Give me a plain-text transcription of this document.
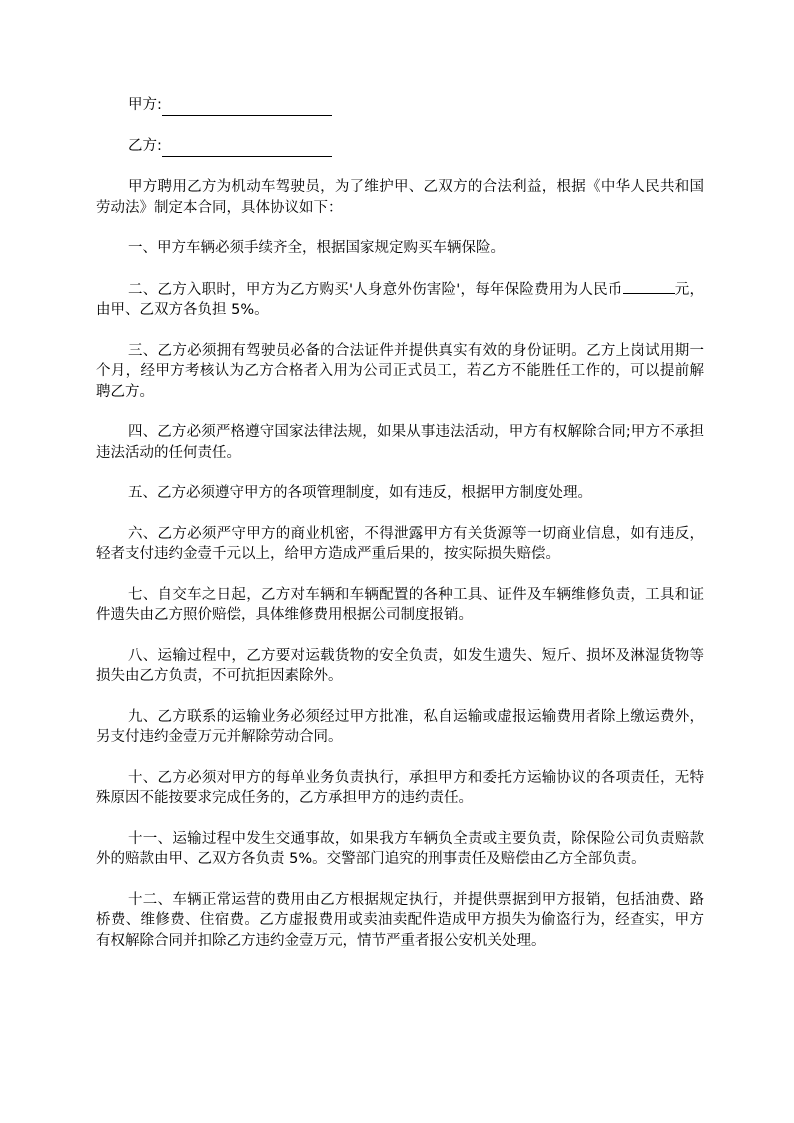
甲方:
乙方:

甲方聘用乙方为机动车驾驶员，为了维护甲、乙双方的合法利益，根据《中华人民共和国劳动法》制定本合同，具体协议如下：

一、甲方车辆必须手续齐全，根据国家规定购买车辆保险。

二、乙方入职时，甲方为乙方购买'人身意外伤害险'，每年保险费用为人民币	元，由甲、乙双方各负担 5%。

三、乙方必须拥有驾驶员必备的合法证件并提供真实有效的身份证明。乙方上岗试用期一个月，经甲方考核认为乙方合格者入用为公司正式员工，若乙方不能胜任工作的，可以提前解聘乙方。

四、乙方必须严格遵守国家法律法规，如果从事违法活动，甲方有权解除合同;甲方不承担违法活动的任何责任。

五、乙方必须遵守甲方的各项管理制度，如有违反，根据甲方制度处理。

六、乙方必须严守甲方的商业机密，不得泄露甲方有关货源等一切商业信息，如有违反，轻者支付违约金壹千元以上，给甲方造成严重后果的，按实际损失赔偿。

七、自交车之日起，乙方对车辆和车辆配置的各种工具、证件及车辆维修负责，工具和证件遗失由乙方照价赔偿，具体维修费用根据公司制度报销。

八、运输过程中，乙方要对运载货物的安全负责，如发生遗失、短斤、损坏及淋湿货物等损失由乙方负责，不可抗拒因素除外。

九、乙方联系的运输业务必须经过甲方批准，私自运输或虚报运输费用者除上缴运费外，另支付违约金壹万元并解除劳动合同。

十、乙方必须对甲方的每单业务负责执行，承担甲方和委托方运输协议的各项责任，无特殊原因不能按要求完成任务的，乙方承担甲方的违约责任。

十一、运输过程中发生交通事故，如果我方车辆负全责或主要负责，除保险公司负责赔款外的赔款由甲、乙双方各负责 5%。交警部门追究的刑事责任及赔偿由乙方全部负责。

十二、车辆正常运营的费用由乙方根据规定执行，并提供票据到甲方报销，包括油费、路桥费、维修费、住宿费。乙方虚报费用或卖油卖配件造成甲方损失为偷盗行为，经查实，甲方有权解除合同并扣除乙方违约金壹万元，情节严重者报公安机关处理。
